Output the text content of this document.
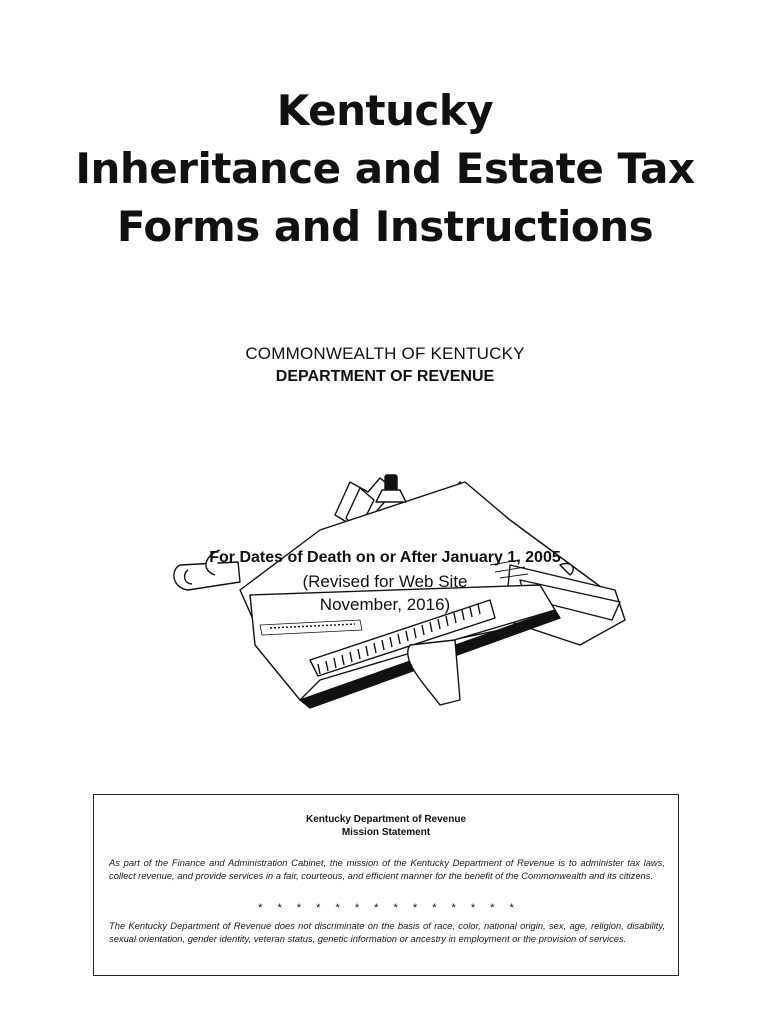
Kentucky
Inheritance and Estate Tax
Forms and Instructions
COMMONWEALTH OF KENTUCKY
DEPARTMENT OF REVENUE
For Dates of Death on or After January 1, 2005
(Revised for Web Site
November, 2016)
Kentucky Department of Revenue
Mission Statement

As part of the Finance and Administration Cabinet, the mission of the Kentucky Department of Revenue is to administer tax laws, collect revenue, and provide services in a fair, courteous, and efficient manner for the benefit of the Commonwealth and its citizens.

* * * * * * * * * * * * * *

The Kentucky Department of Revenue does not discriminate on the basis of race, color, national origin, sex, age, religion, disability, sexual orientation, gender identity, veteran status, genetic information or ancestry in employment or the provision of services.
